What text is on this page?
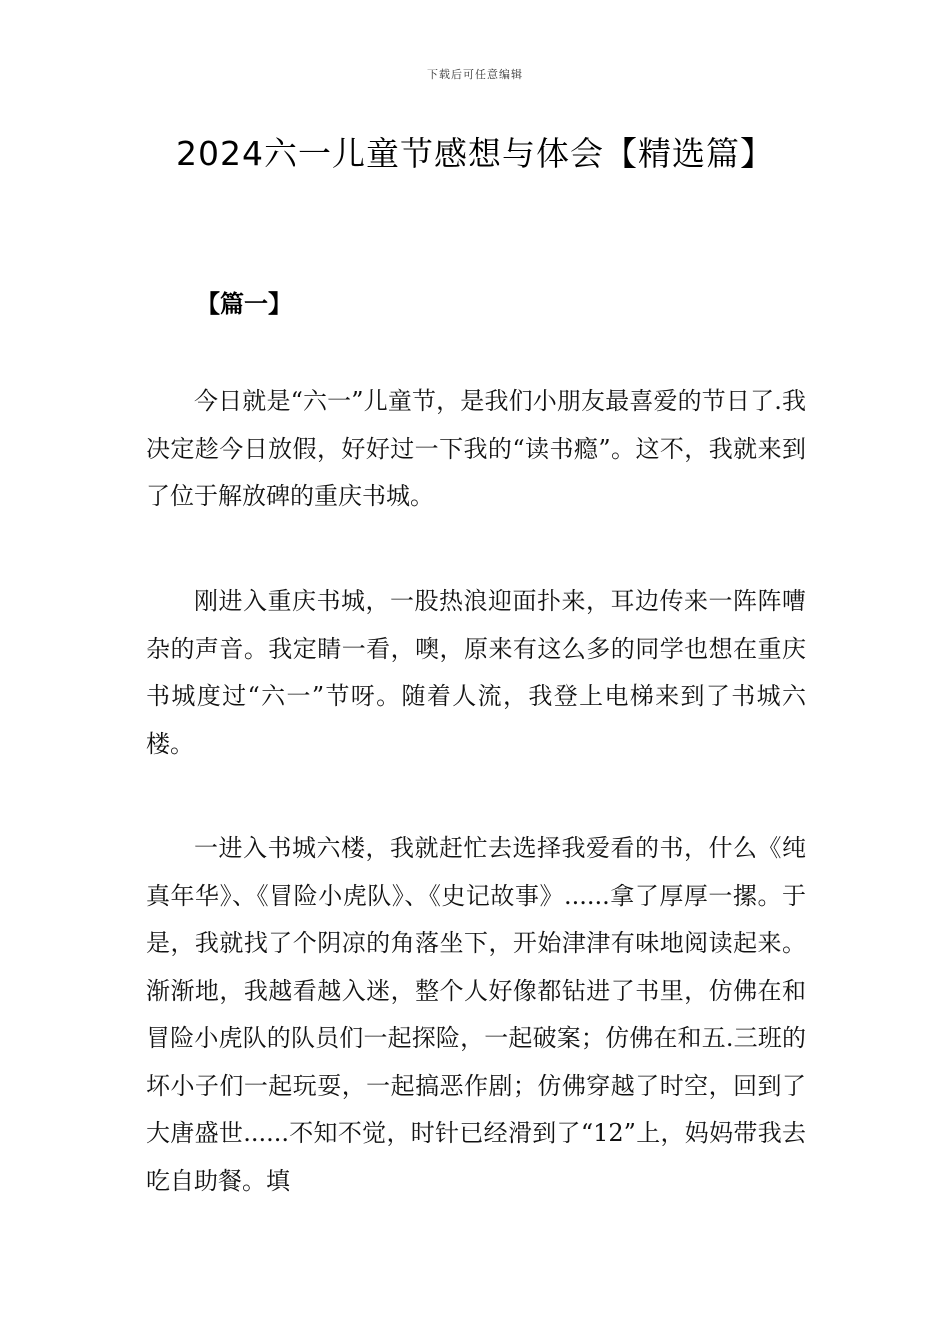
下载后可任意编辑
2024六一儿童节感想与体会【精选篇】
【篇一】

今日就是“六一”儿童节，是我们小朋友最喜爱的节日了.我决定趁今日放假，好好过一下我的“读书瘾”。这不，我就来到了位于解放碑的重庆书城。

刚进入重庆书城，一股热浪迎面扑来，耳边传来一阵阵嘈杂的声音。我定睛一看，噢，原来有这么多的同学也想在重庆书城度过“六一”节呀。随着人流，我登上电梯来到了书城六楼。

一进入书城六楼，我就赶忙去选择我爱看的书，什么《纯真年华》、《冒险小虎队》、《史记故事》......拿了厚厚一摞。于是，我就找了个阴凉的角落坐下，开始津津有味地阅读起来。渐渐地，我越看越入迷，整个人好像都钻进了书里，仿佛在和冒险小虎队的队员们一起探险，一起破案；仿佛在和五.三班的坏小子们一起玩耍，一起搞恶作剧；仿佛穿越了时空，回到了大唐盛世......不知不觉，时针已经滑到了“12”上，妈妈带我去吃自助餐。填
